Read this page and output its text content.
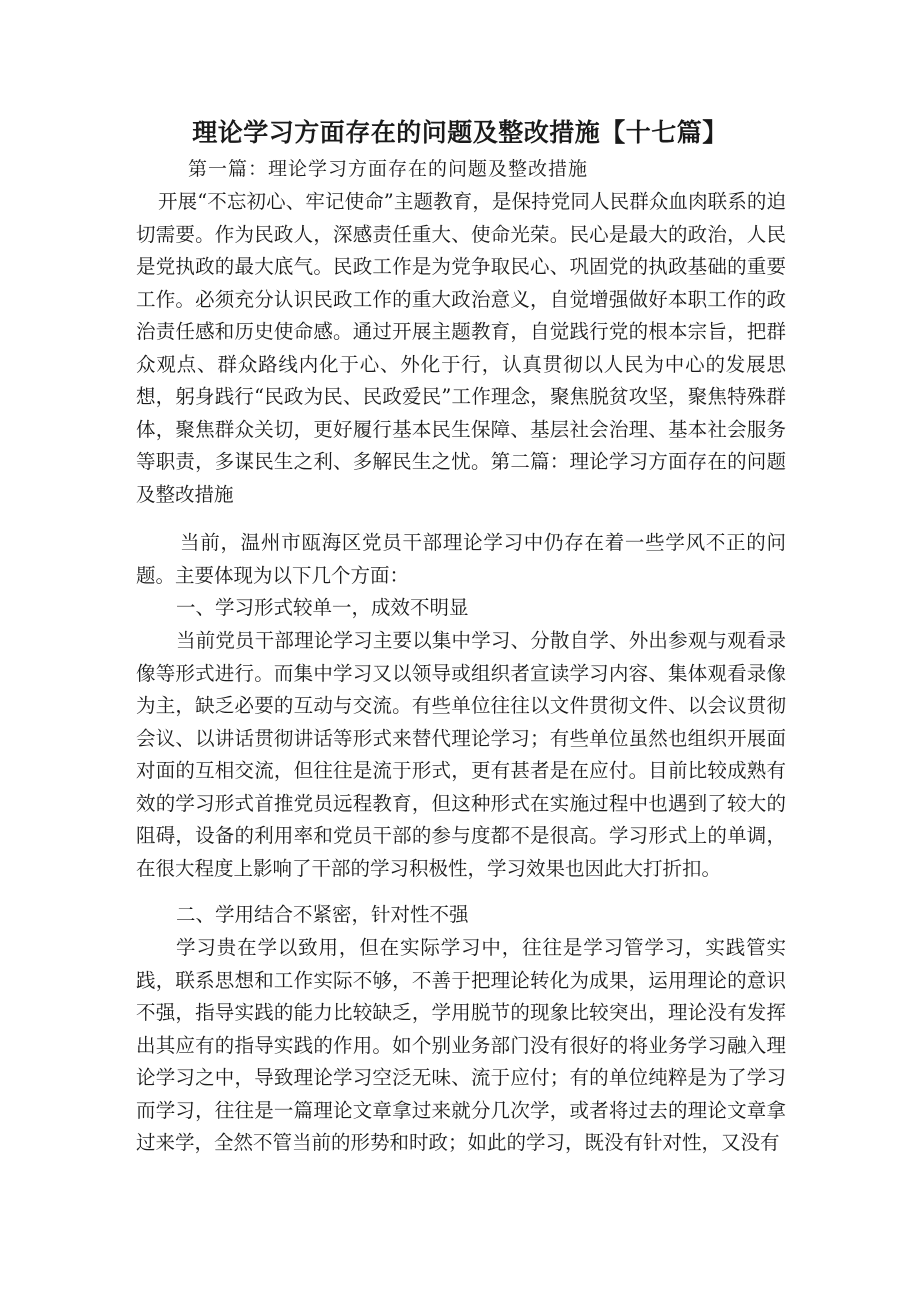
理论学习方面存在的问题及整改措施【十七篇】
第一篇：理论学习方面存在的问题及整改措施
开展“不忘初心、牢记使命”主题教育，是保持党同人民群众血肉联系的迫切需要。作为民政人，深感责任重大、使命光荣。民心是最大的政治，人民是党执政的最大底气。民政工作是为党争取民心、巩固党的执政基础的重要工作。必须充分认识民政工作的重大政治意义，自觉增强做好本职工作的政治责任感和历史使命感。通过开展主题教育，自觉践行党的根本宗旨，把群众观点、群众路线内化于心、外化于行，认真贯彻以人民为中心的发展思想，躬身践行“民政为民、民政爱民”工作理念，聚焦脱贫攻坚，聚焦特殊群体，聚焦群众关切，更好履行基本民生保障、基层社会治理、基本社会服务等职责，多谋民生之利、多解民生之忧。第二篇：理论学习方面存在的问题及整改措施
当前，温州市瓯海区党员干部理论学习中仍存在着一些学风不正的问题。主要体现为以下几个方面：
一、学习形式较单一，成效不明显
当前党员干部理论学习主要以集中学习、分散自学、外出参观与观看录像等形式进行。而集中学习又以领导或组织者宣读学习内容、集体观看录像为主，缺乏必要的互动与交流。有些单位往往以文件贯彻文件、以会议贯彻会议、以讲话贯彻讲话等形式来替代理论学习；有些单位虽然也组织开展面对面的互相交流，但往往是流于形式，更有甚者是在应付。目前比较成熟有效的学习形式首推党员远程教育，但这种形式在实施过程中也遇到了较大的阻碍，设备的利用率和党员干部的参与度都不是很高。学习形式上的单调，在很大程度上影响了干部的学习积极性，学习效果也因此大打折扣。
二、学用结合不紧密，针对性不强
学习贵在学以致用，但在实际学习中，往往是学习管学习，实践管实践，联系思想和工作实际不够，不善于把理论转化为成果，运用理论的意识不强，指导实践的能力比较缺乏，学用脱节的现象比较突出，理论没有发挥出其应有的指导实践的作用。如个别业务部门没有很好的将业务学习融入理论学习之中，导致理论学习空泛无味、流于应付；有的单位纯粹是为了学习而学习，往往是一篇理论文章拿过来就分几次学，或者将过去的理论文章拿过来学，全然不管当前的形势和时政；如此的学习，既没有针对性，又没有
